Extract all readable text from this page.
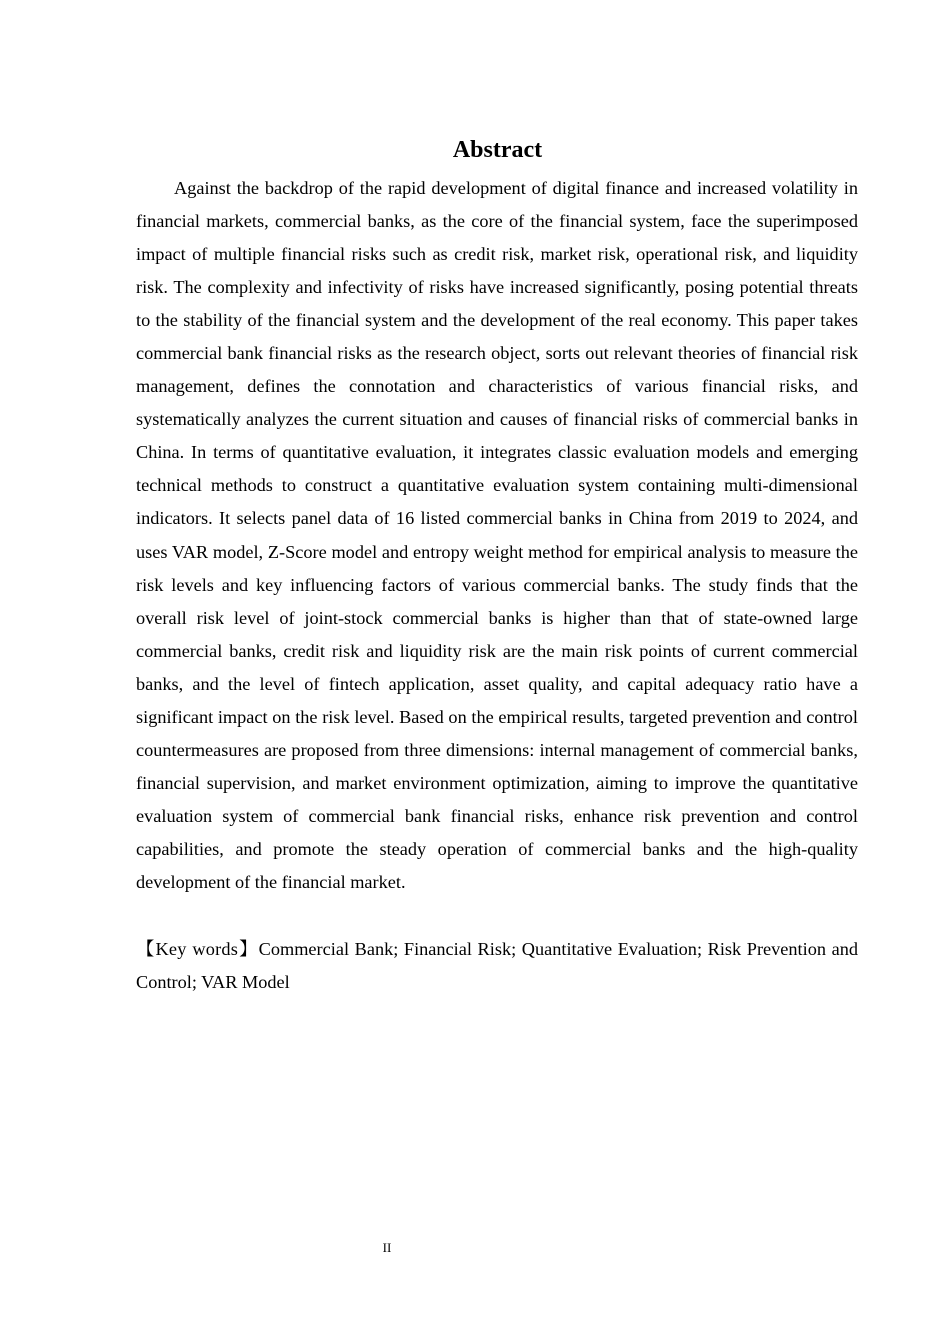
Abstract

Against the backdrop of the rapid development of digital finance and increased volatility in financial markets, commercial banks, as the core of the financial system, face the superimposed impact of multiple financial risks such as credit risk, market risk, operational risk, and liquidity risk. The complexity and infectivity of risks have increased significantly, posing potential threats to the stability of the financial system and the development of the real economy. This paper takes commercial bank financial risks as the research object, sorts out relevant theories of financial risk management, defines the connotation and characteristics of various financial risks, and systematically analyzes the current situation and causes of financial risks of commercial banks in China. In terms of quantitative evaluation, it integrates classic evaluation models and emerging technical methods to construct a quantitative evaluation system containing multi-dimensional indicators. It selects panel data of 16 listed commercial banks in China from 2019 to 2024, and uses VAR model, Z-Score model and entropy weight method for empirical analysis to measure the risk levels and key influencing factors of various commercial banks. The study finds that the overall risk level of joint-stock commercial banks is higher than that of state-owned large commercial banks, credit risk and liquidity risk are the main risk points of current commercial banks, and the level of fintech application, asset quality, and capital adequacy ratio have a significant impact on the risk level. Based on the empirical results, targeted prevention and control countermeasures are proposed from three dimensions: internal management of commercial banks, financial supervision, and market environment optimization, aiming to improve the quantitative evaluation system of commercial bank financial risks, enhance risk prevention and control capabilities, and promote the steady operation of commercial banks and the high-quality development of the financial market.

【Key words】Commercial Bank; Financial Risk; Quantitative Evaluation; Risk Prevention and Control; VAR Model

II
